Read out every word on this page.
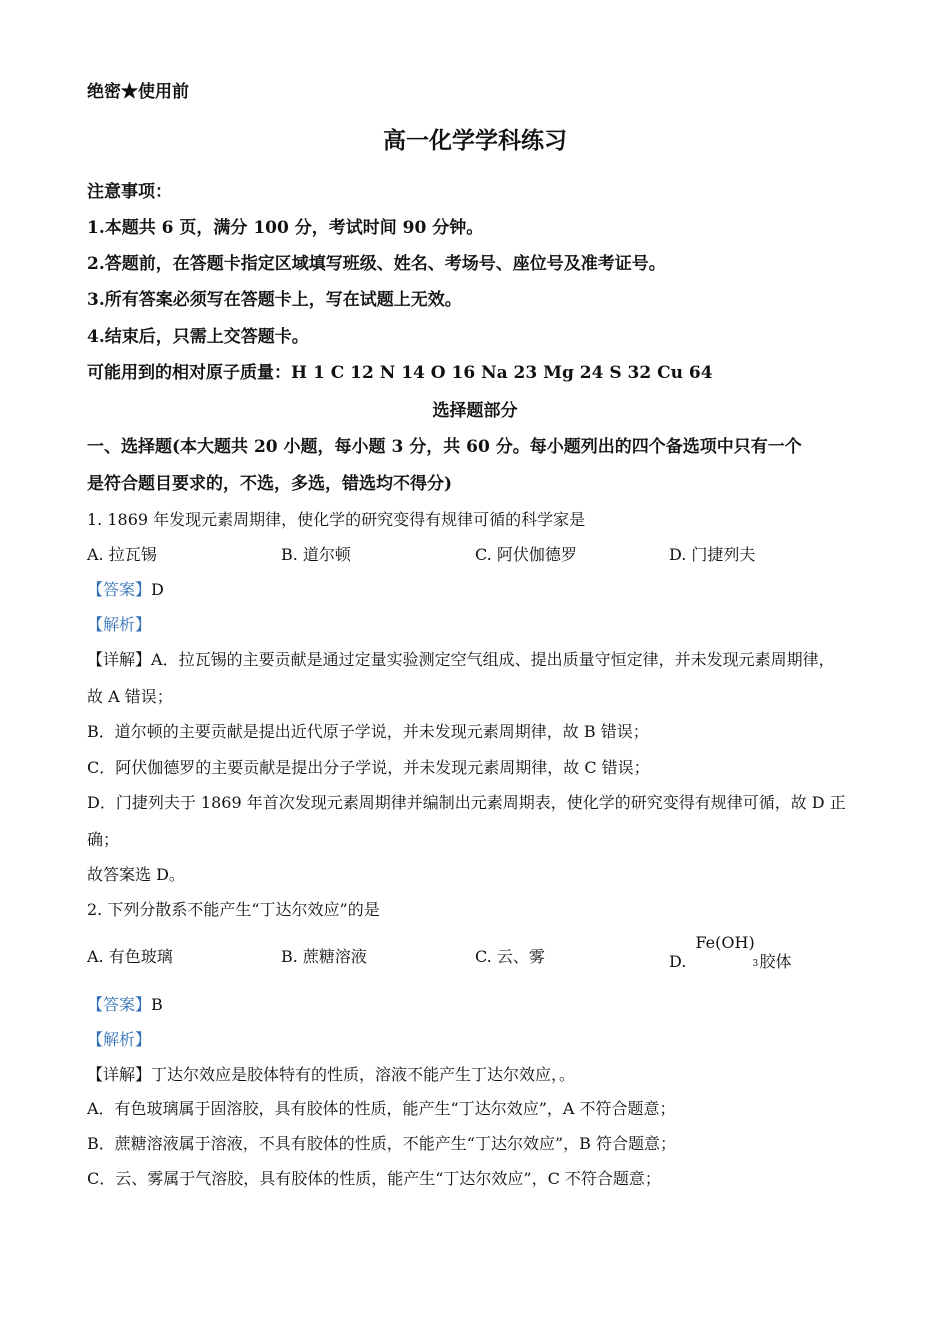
绝密★使用前
高一化学学科练习
注意事项：
1.本题共 6 页，满分 100 分，考试时间 90 分钟。
2.答题前，在答题卡指定区域填写班级、姓名、考场号、座位号及准考证号。
3.所有答案必须写在答题卡上，写在试题上无效。
4.结束后，只需上交答题卡。
可能用到的相对原子质量：H 1 C 12 N 14 O 16 Na 23 Mg 24 S 32 Cu 64
选择题部分
一、选择题(本大题共 20 小题，每小题 3 分，共 60 分。每小题列出的四个备选项中只有一个
是符合题目要求的，不选，多选，错选均不得分)
1. 1869 年发现元素周期律，使化学的研究变得有规律可循的科学家是
A. 拉瓦锡	B. 道尔顿	C. 阿伏伽德罗	D. 门捷列夫
【答案】D
【解析】
【详解】A．拉瓦锡的主要贡献是通过定量实验测定空气组成、提出质量守恒定律，并未发现元素周期律，
故 A 错误；
B．道尔顿的主要贡献是提出近代原子学说，并未发现元素周期律，故 B 错误；
C．阿伏伽德罗的主要贡献是提出分子学说，并未发现元素周期律，故 C 错误；
D．门捷列夫于 1869 年首次发现元素周期律并编制出元素周期表，使化学的研究变得有规律可循，故 D 正
确；
故答案选 D。
2. 下列分散系不能产生“丁达尔效应”的是
A. 有色玻璃	B. 蔗糖溶液	C. 云、雾	D.
Fe(OH)
3 胶体
【答案】B
【解析】
【详解】丁达尔效应是胶体特有的性质，溶液不能产生丁达尔效应，。
A．有色玻璃属于固溶胶，具有胶体的性质，能产生“丁达尔效应”，A 不符合题意；
B．蔗糖溶液属于溶液，不具有胶体的性质，不能产生“丁达尔效应”，B 符合题意；
C．云、雾属于气溶胶，具有胶体的性质，能产生“丁达尔效应”，C 不符合题意；
